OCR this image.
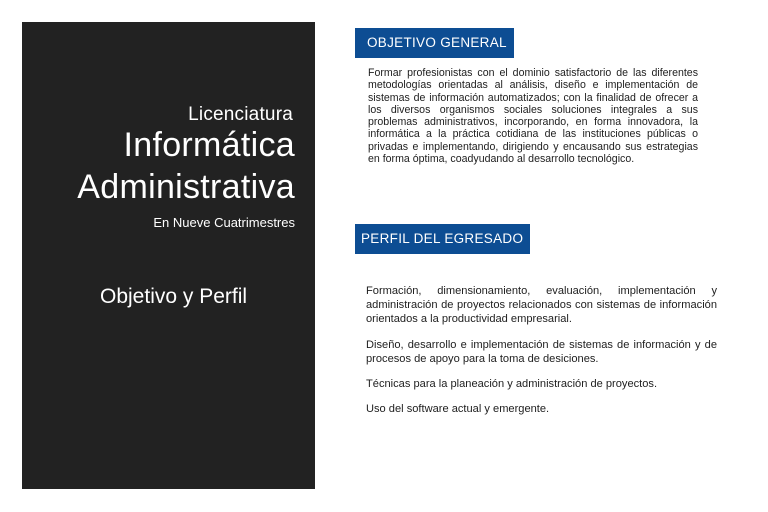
Licenciatura
Informática
Administrativa
En Nueve Cuatrimestres
Objetivo y Perfil
OBJETIVO GENERAL
Formar profesionistas con el dominio satisfactorio de las diferentes metodologías orientadas al análisis, diseño e implementación de sistemas de información automatizados; con la finalidad de ofrecer a los diversos organismos sociales soluciones integrales a sus problemas administrativos, incorporando, en forma innovadora, la informática a la práctica cotidiana de las instituciones públicas o privadas e implementando, dirigiendo y encausando sus estrategias en forma óptima, coadyudando al desarrollo tecnológico.
PERFIL DEL EGRESADO

Formación, dimensionamiento, evaluación, implementación y administración de proyectos relacionados con sistemas de información orientados a la productividad empresarial.

Diseño, desarrollo e implementación de sistemas de información y de procesos de apoyo para la toma de desiciones.

Técnicas para la planeación y administración de proyectos.

Uso del software actual y emergente.
